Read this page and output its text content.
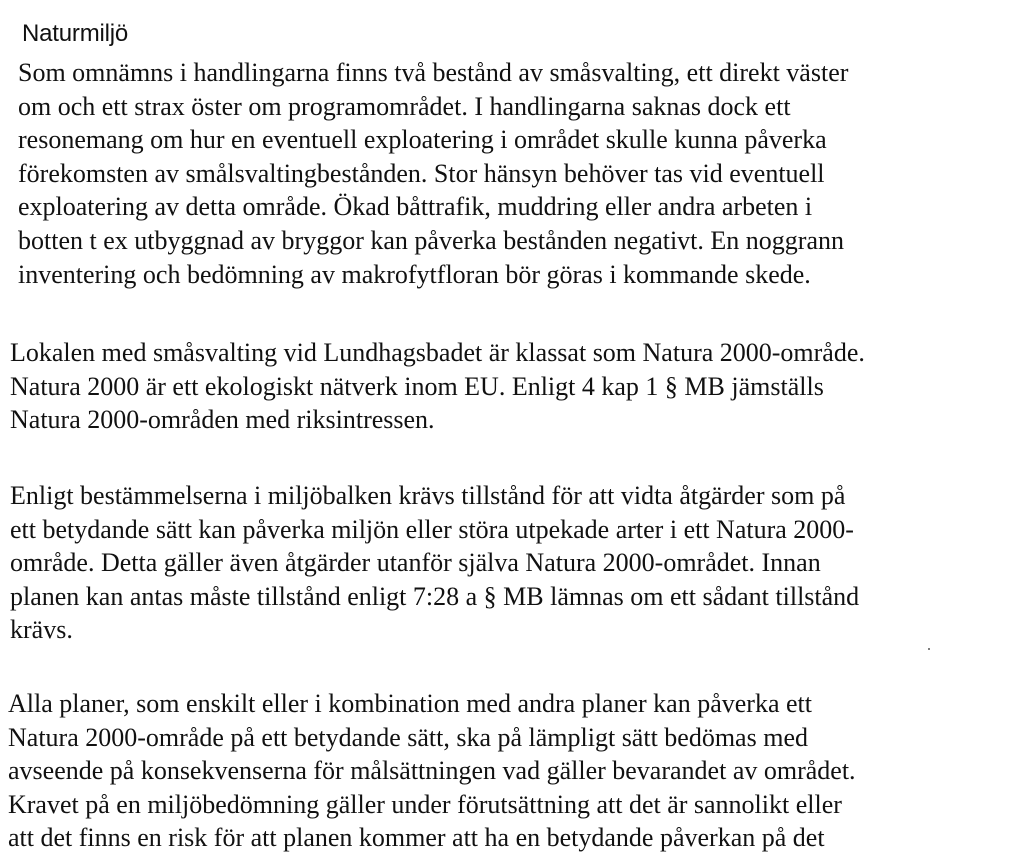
Naturmiljö

Som omnämns i handlingarna finns två bestånd av småsvalting, ett direkt väster
om och ett strax öster om programområdet. I handlingarna saknas dock ett
resonemang om hur en eventuell exploatering i området skulle kunna påverka
förekomsten av smålsvaltingbestånden. Stor hänsyn behöver tas vid eventuell
exploatering av detta område. Ökad båttrafik, muddring eller andra arbeten i
botten t ex utbyggnad av bryggor kan påverka bestånden negativt. En noggrann
inventering och bedömning av makrofytfloran bör göras i kommande skede.

Lokalen med småsvalting vid Lundhagsbadet är klassat som Natura 2000-område.
Natura 2000 är ett ekologiskt nätverk inom EU. Enligt 4 kap 1 § MB jämställs
Natura 2000-områden med riksintressen.

Enligt bestämmelserna i miljöbalken krävs tillstånd för att vidta åtgärder som på
ett betydande sätt kan påverka miljön eller störa utpekade arter i ett Natura 2000-
område. Detta gäller även åtgärder utanför själva Natura 2000-området. Innan
planen kan antas måste tillstånd enligt 7:28 a § MB lämnas om ett sådant tillstånd
krävs.

Alla planer, som enskilt eller i kombination med andra planer kan påverka ett
Natura 2000-område på ett betydande sätt, ska på lämpligt sätt bedömas med
avseende på konsekvenserna för målsättningen vad gäller bevarandet av området.
Kravet på en miljöbedömning gäller under förutsättning att det är sannolikt eller
att det finns en risk för att planen kommer att ha en betydande påverkan på det
